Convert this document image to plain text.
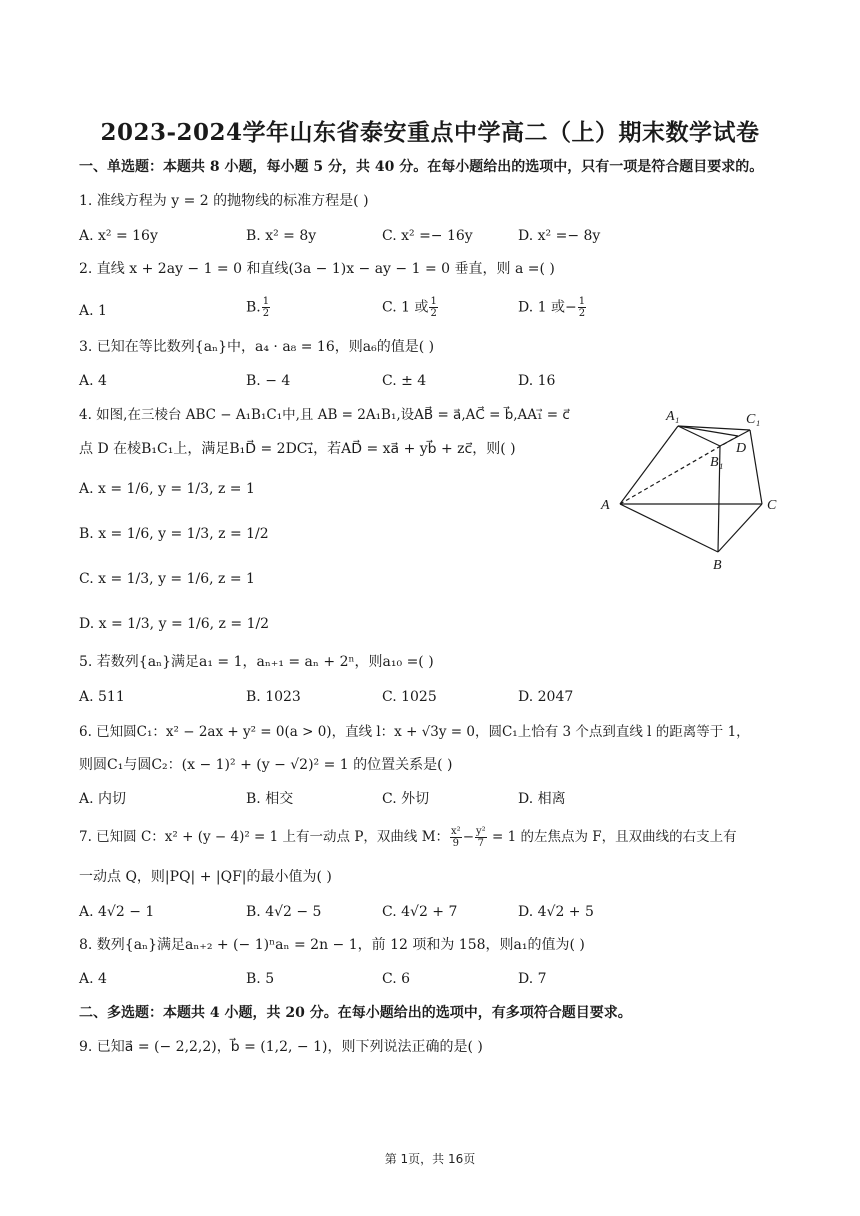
2023-2024学年山东省泰安重点中学高二（上）期末数学试卷
一、单选题：本题共 8 小题，每小题 5 分，共 40 分。在每小题给出的选项中，只有一项是符合题目要求的。
1. 准线方程为 y = 2 的抛物线的标准方程是( )
A. x² = 16y	B. x² = 8y	C. x² =− 16y	D. x² =− 8y
2. 直线 x + 2ay − 1 = 0 和直线(3a − 1)x − ay − 1 = 0 垂直，则 a =( )
A. 1	B. $\frac{1}{2}$	C. 1 或 $\frac{1}{2}$	D. 1 或− $\frac{1}{2}$
3. 已知在等比数列{aₙ}中，a₄ · a₈ = 16，则a₆的值是( )
A. 4	B. − 4	C. ± 4	D. 16
4. 如图,在三棱台 ABC − A₁B₁C₁中,且 AB = 2A₁B₁,设AB⃗ = a⃗,AC⃗ = b⃗,AA₁⃗ = c⃗
点 D 在棱B₁C₁上，满足B₁D⃗ = 2DC₁⃗，若AD⃗ = xa⃗ + yb⃗ + zc⃗，则( )
A. x = 1/6, y = 1/3, z = 1
B. x = 1/6, y = 1/3, z = 1/2
C. x = 1/3, y = 1/6, z = 1
D. x = 1/3, y = 1/6, z = 1/2
A₁	C₁
D
B₁
A	C
B
5. 若数列{aₙ}满足a₁ = 1，aₙ₊₁ = aₙ + 2ⁿ，则a₁₀ =( )
A. 511	B. 1023	C. 1025	D. 2047
6. 已知圆C₁：x² − 2ax + y² = 0(a > 0)，直线 l：x + √3y = 0，圆C₁上恰有 3 个点到直线 l 的距离等于 1，
则圆C₁与圆C₂：(x − 1)² + (y − √2)² = 1 的位置关系是( )
A. 内切	B. 相交	C. 外切	D. 相离
7. 已知圆 C：x² + (y − 4)² = 1 上有一动点 P，双曲线 M： $\frac{\text{x²}}{9} - \frac{\text{y²}}{7} = 1$ 的左焦点为 F，且双曲线的右支上有
一动点 Q，则|PQ| + |QF|的最小值为( )
A. 4√2 − 1	B. 4√2 − 5	C. 4√2 + 7	D. 4√2 + 5
8. 数列{aₙ}满足aₙ₊₂ + (− 1)ⁿaₙ = 2n − 1，前 12 项和为 158，则a₁的值为( )
A. 4	B. 5	C. 6	D. 7
二、多选题：本题共 4 小题，共 20 分。在每小题给出的选项中，有多项符合题目要求。
9. 已知a⃗ = (− 2,2,2)，b⃗ = (1,2, − 1)，则下列说法正确的是( )
第 1页，共 16页
